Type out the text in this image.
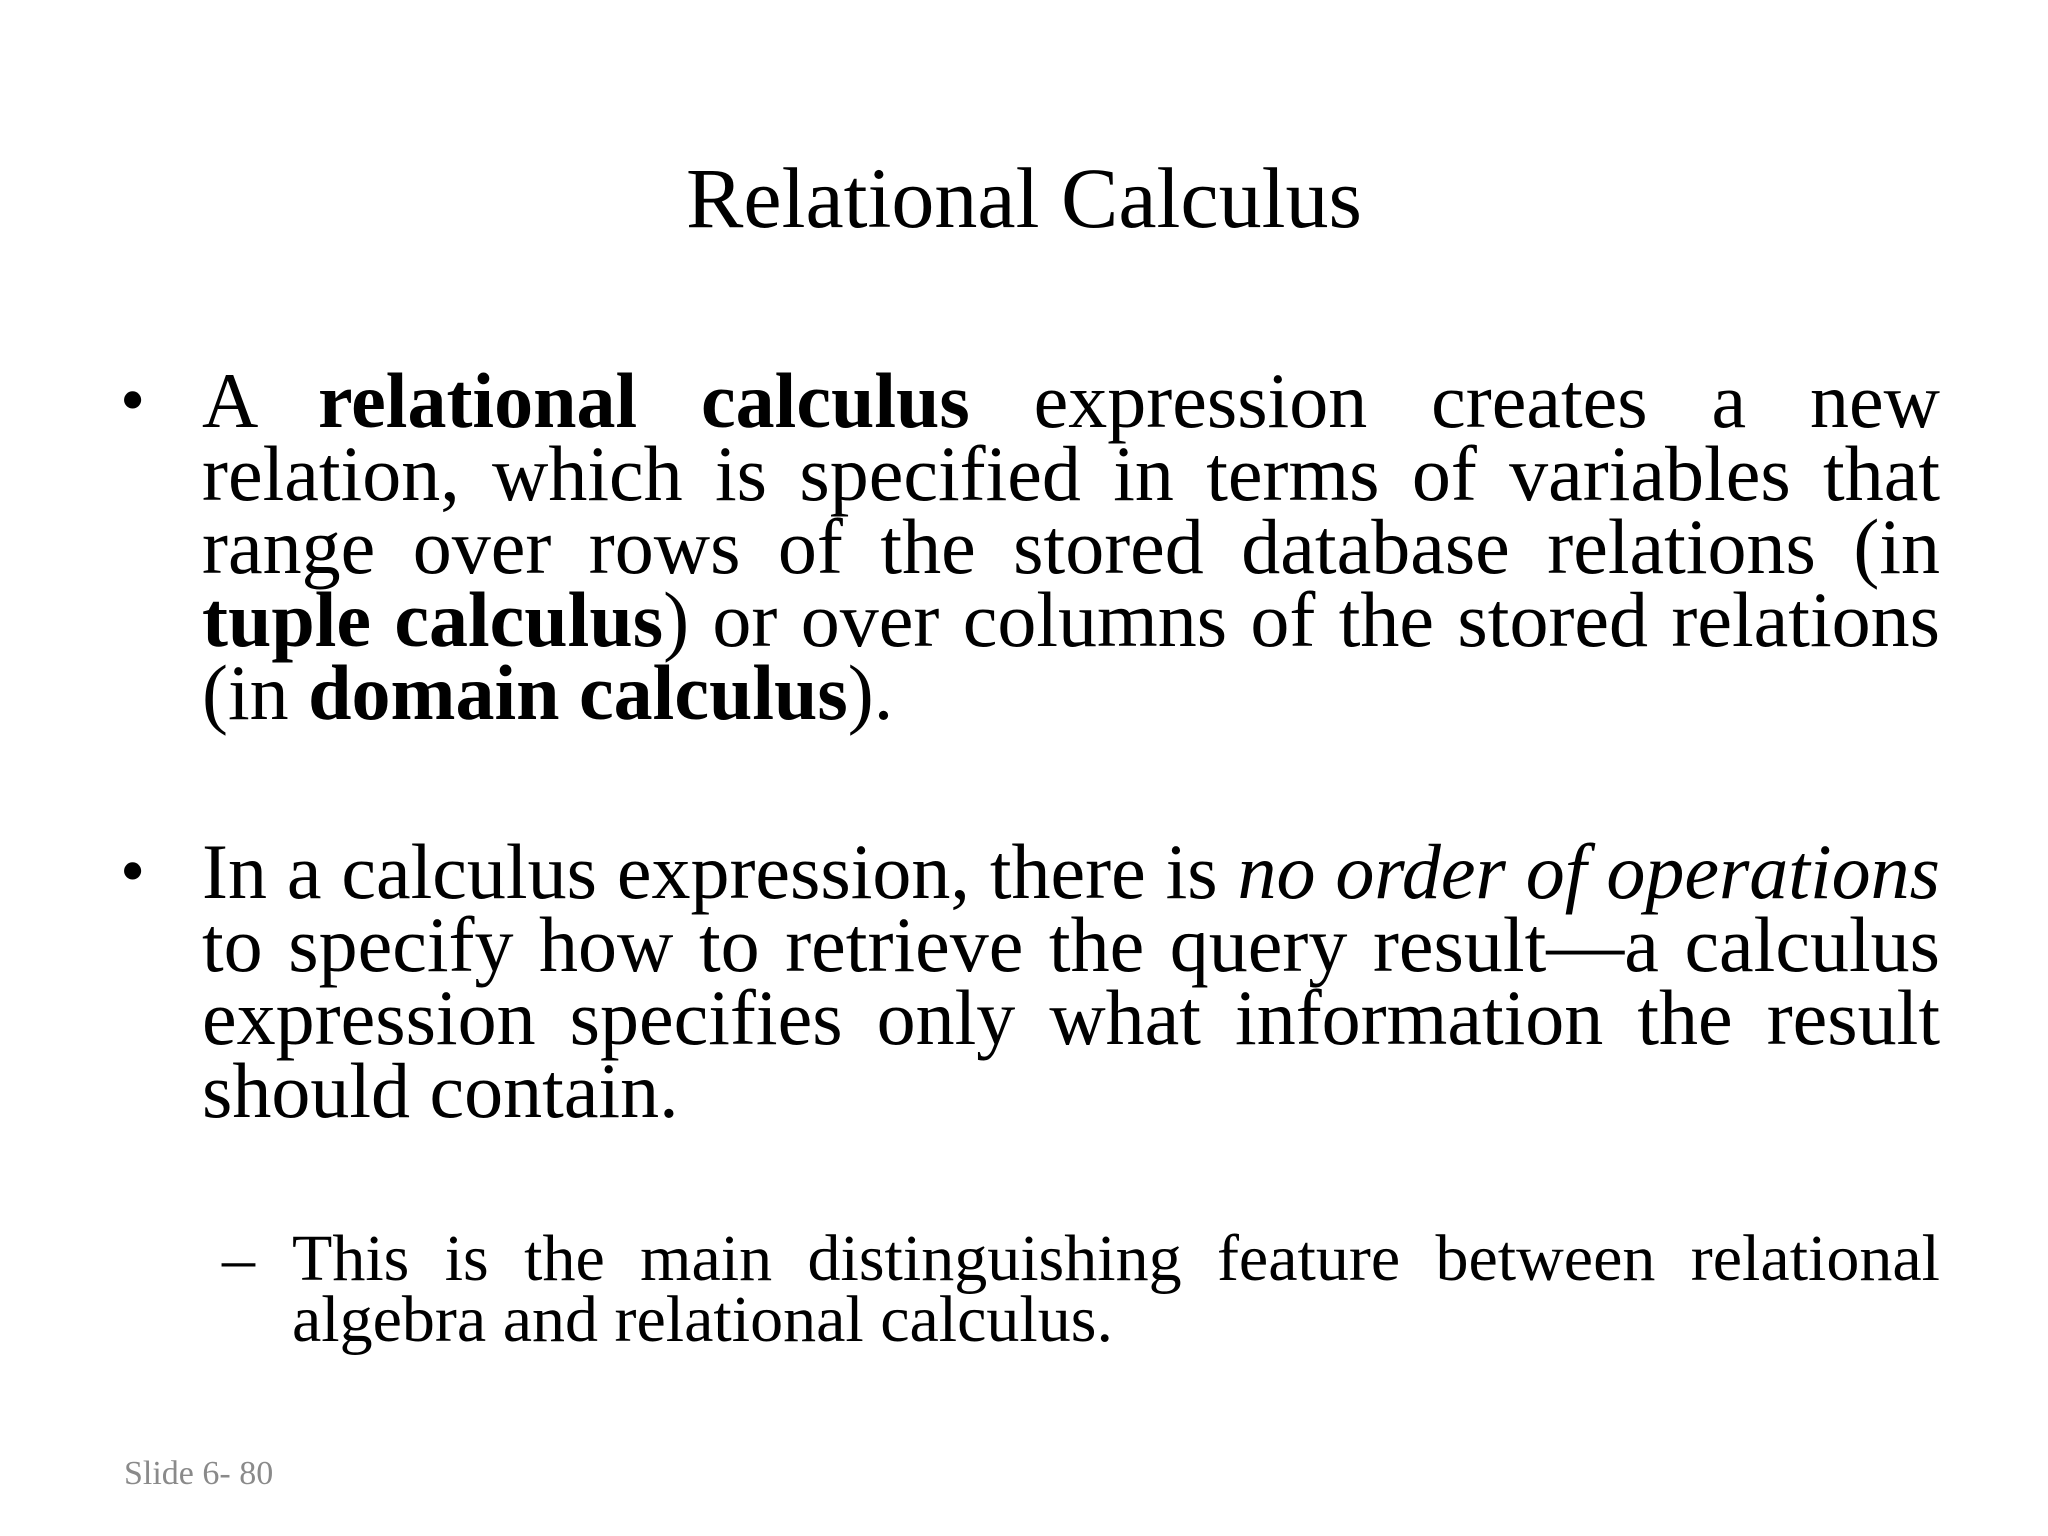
Relational Calculus
• A relational calculus expression creates a new relation, which is specified in terms of variables that range over rows of the stored database relations (in tuple calculus) or over columns of the stored relations (in domain calculus).
• In a calculus expression, there is no order of operations to specify how to retrieve the query result—a calculus expression specifies only what information the result should contain.
– This is the main distinguishing feature between relational algebra and relational calculus.
Slide 6- 80
